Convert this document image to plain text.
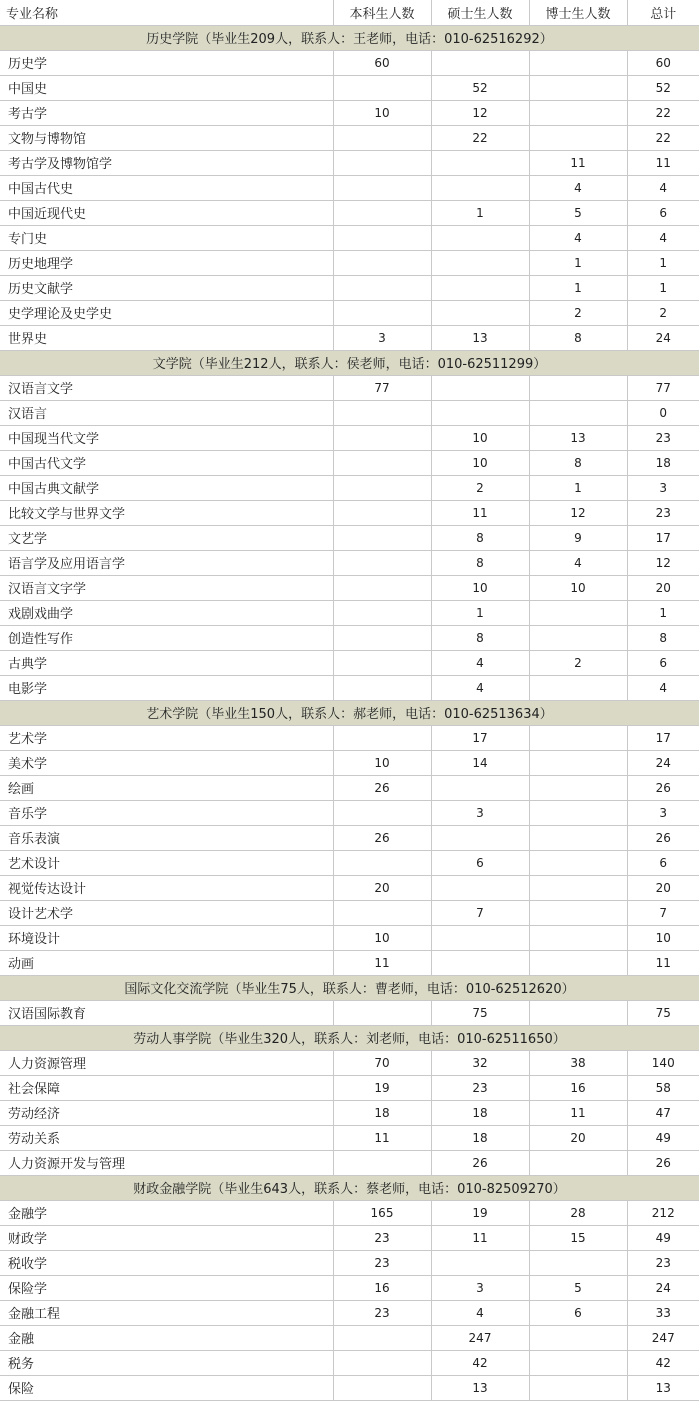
专业名称	本科生人数	硕士生人数	博士生人数	总计
历史学院（毕业生209人，联系人：王老师，电话：010-62516292）				
历史学	60			60
中国史		52		52
考古学	10	12		22
文物与博物馆		22		22
考古学及博物馆学			11	11
中国古代史			4	4
中国近现代史		1	5	6
专门史			4	4
历史地理学			1	1
历史文献学			1	1
史学理论及史学史			2	2
世界史	3	13	8	24
文学院（毕业生212人，联系人：侯老师，电话：010-62511299）				
汉语言文学	77			77
汉语言				0
中国现当代文学		10	13	23
中国古代文学		10	8	18
中国古典文献学		2	1	3
比较文学与世界文学		11	12	23
文艺学		8	9	17
语言学及应用语言学		8	4	12
汉语言文字学		10	10	20
戏剧戏曲学		1		1
创造性写作		8		8
古典学		4	2	6
电影学		4		4
艺术学院（毕业生150人，联系人：郝老师，电话：010-62513634）				
艺术学		17		17
美术学	10	14		24
绘画	26			26
音乐学		3		3
音乐表演	26			26
艺术设计		6		6
视觉传达设计	20			20
设计艺术学		7		7
环境设计	10			10
动画	11			11
国际文化交流学院（毕业生75人，联系人：曹老师，电话：010-62512620）				
汉语国际教育		75		75
劳动人事学院（毕业生320人，联系人：刘老师，电话：010-62511650）				
人力资源管理	70	32	38	140
社会保障	19	23	16	58
劳动经济	18	18	11	47
劳动关系	11	18	20	49
人力资源开发与管理		26		26
财政金融学院（毕业生643人，联系人：蔡老师，电话：010-82509270）				
金融学	165	19	28	212
财政学	23	11	15	49
税收学	23			23
保险学	16	3	5	24
金融工程	23	4	6	33
金融		247		247
税务		42		42
保险		13		13
